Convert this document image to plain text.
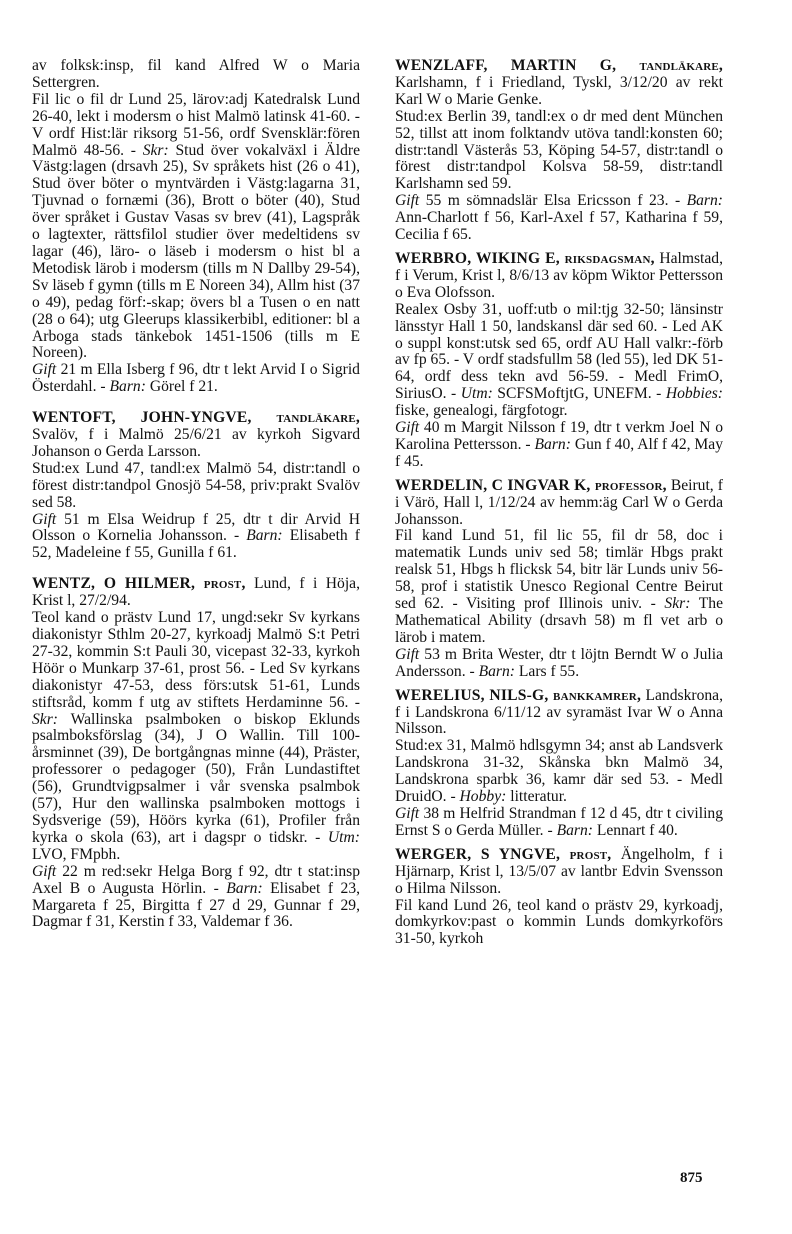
av folksk:insp, fil kand Alfred W o Maria Settergren.

Fil lic o fil dr Lund 25, lärov:adj Katedralsk Lund 26-40, lekt i modersm o hist Malmö latinsk 41-60. - V ordf Hist:lär riksorg 51-56, ordf Svensklär:fören Malmö 48-56. - Skr: Stud över vokalväxl i Äldre Västg:lagen (drsavh 25), Sv språkets hist (26 o 41), Stud över böter o myntvärden i Västg:lagarna 31, Tjuvnad o fornæmi (36), Brott o böter (40), Stud över språket i Gustav Vasas sv brev (41), Lagspråk o lagtexter, rättsfilol studier över medeltidens sv lagar (46), läro- o läseb i modersm o hist bl a Metodisk lärob i modersm (tills m N Dallby 29-54), Sv läseb f gymn (tills m E Noreen 34), Allm hist (37 o 49), pedag förf:-skap; övers bl a Tusen o en natt (28 o 64); utg Gleerups klassikerbibl, editioner: bl a Arboga stads tänkebok 1451-1506 (tills m E Noreen).

Gift 21 m Ella Isberg f 96, dtr t lekt Arvid I o Sigrid Österdahl. - Barn: Görel f 21.

WENTOFT, JOHN-YNGVE, tandläkare, Svalöv, f i Malmö 25/6/21 av kyrkoh Sigvard Johanson o Gerda Larsson.

Stud:ex Lund 47, tandl:ex Malmö 54, distr:tandl o förest distr:tandpol Gnosjö 54-58, priv:prakt Svalöv sed 58.

Gift 51 m Elsa Weidrup f 25, dtr t dir Arvid H Olsson o Kornelia Johansson. - Barn: Elisabeth f 52, Madeleine f 55, Gunilla f 61.

WENTZ, O HILMER, prost, Lund, f i Höja, Krist l, 27/2/94.

Teol kand o prästv Lund 17, ungd:sekr Sv kyrkans diakonistyr Sthlm 20-27, kyrkoadj Malmö S:t Petri 27-32, kommin S:t Pauli 30, vicepast 32-33, kyrkoh Höör o Munkarp 37-61, prost 56. - Led Sv kyrkans diakonistyr 47-53, dess förs:utsk 51-61, Lunds stiftsråd, komm f utg av stiftets Herdaminne 56. - Skr: Wallinska psalmboken o biskop Eklunds psalmboksförslag (34), J O Wallin. Till 100-årsminnet (39), De bortgångnas minne (44), Präster, professorer o pedagoger (50), Från Lundastiftet (56), Grundtvigpsalmer i vår svenska psalmbok (57), Hur den wallinska psalmboken mottogs i Sydsverige (59), Höörs kyrka (61), Profiler från kyrka o skola (63), art i dagspr o tidskr. - Utm: LVO, FMpbh.

Gift 22 m red:sekr Helga Borg f 92, dtr t stat:insp Axel B o Augusta Hörlin. - Barn: Elisabet f 23, Margareta f 25, Birgitta f 27 d 29, Gunnar f 29, Dagmar f 31, Kerstin f 33, Valdemar f 36.

WENZLAFF, MARTIN G, tandläkare, Karlshamn, f i Friedland, Tyskl, 3/12/20 av rekt Karl W o Marie Genke.

Stud:ex Berlin 39, tandl:ex o dr med dent München 52, tillst att inom folktandv utöva tandl:konsten 60; distr:tandl Västerås 53, Köping 54-57, distr:tandl o förest distr:tandpol Kolsva 58-59, distr:tandl Karlshamn sed 59.

Gift 55 m sömnadslär Elsa Ericsson f 23. - Barn: Ann-Charlott f 56, Karl-Axel f 57, Katharina f 59, Cecilia f 65.

WERBRO, WIKING E, riksdagsman, Halmstad, f i Verum, Krist l, 8/6/13 av köpm Wiktor Pettersson o Eva Olofsson.

Realex Osby 31, uoff:utb o mil:tjg 32-50; länsinstr länsstyr Hall 1 50, landskansl där sed 60. - Led AK o suppl konst:utsk sed 65, ordf AU Hall valkr:-förb av fp 65. - V ordf stadsfullm 58 (led 55), led DK 51-64, ordf dess tekn avd 56-59. - Medl FrimO, SiriusO. - Utm: SCFSMoftjtG, UNEFM. - Hobbies: fiske, genealogi, färgfotogr.

Gift 40 m Margit Nilsson f 19, dtr t verkm Joel N o Karolina Pettersson. - Barn: Gun f 40, Alf f 42, May f 45.

WERDELIN, C INGVAR K, professor, Beirut, f i Värö, Hall l, 1/12/24 av hemm:äg Carl W o Gerda Johansson.

Fil kand Lund 51, fil lic 55, fil dr 58, doc i matematik Lunds univ sed 58; timlär Hbgs prakt realsk 51, Hbgs h flicksk 54, bitr lär Lunds univ 56-58, prof i statistik Unesco Regional Centre Beirut sed 62. - Visiting prof Illinois univ. - Skr: The Mathematical Ability (drsavh 58) m fl vet arb o lärob i matem.

Gift 53 m Brita Wester, dtr t löjtn Berndt W o Julia Andersson. - Barn: Lars f 55.

WERELIUS, NILS-G, bankkamrer, Landskrona, f i Landskrona 6/11/12 av syramäst Ivar W o Anna Nilsson.

Stud:ex 31, Malmö hdlsgymn 34; anst ab Landsverk Landskrona 31-32, Skånska bkn Malmö 34, Landskrona sparbk 36, kamr där sed 53. - Medl DruidO. - Hobby: litteratur.

Gift 38 m Helfrid Strandman f 12 d 45, dtr t civiling Ernst S o Gerda Müller. - Barn: Lennart f 40.

WERGER, S YNGVE, prost, Ängelholm, f i Hjärnarp, Krist l, 13/5/07 av lantbr Edvin Svensson o Hilma Nilsson.

Fil kand Lund 26, teol kand o prästv 29, kyrkoadj, domkyrkov:past o kommin Lunds domkyrkoförs 31-50, kyrkoh

875
